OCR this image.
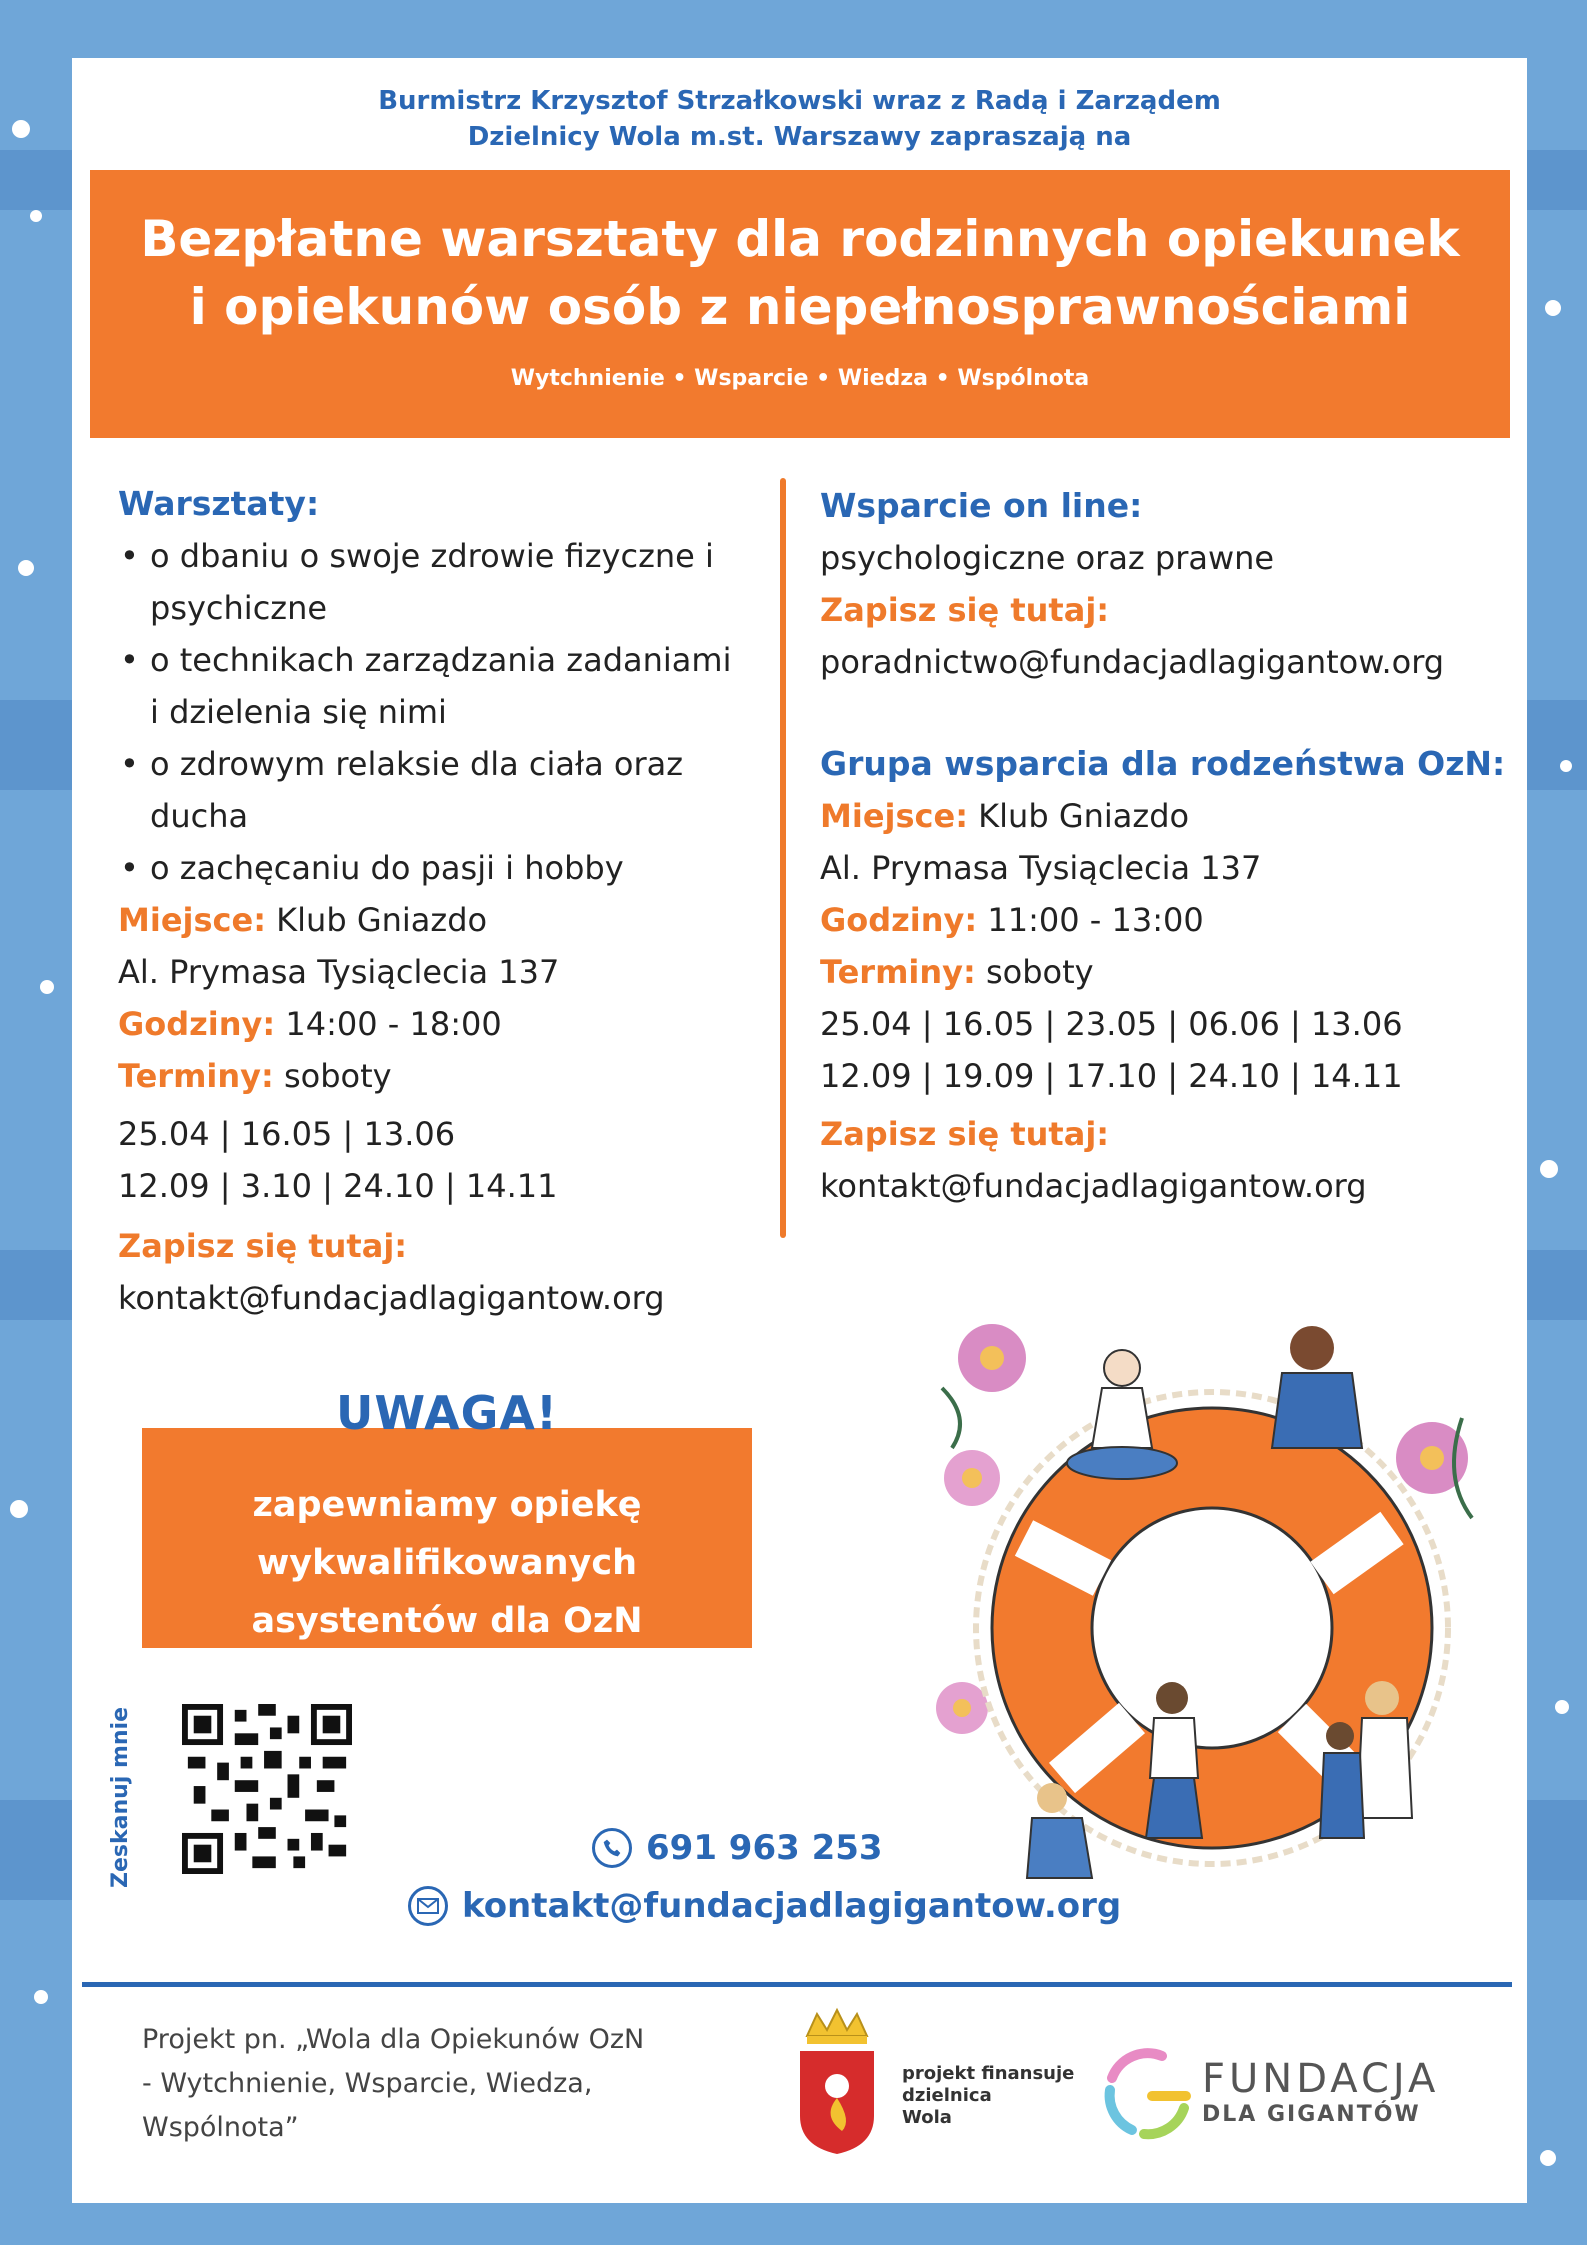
Burmistrz Krzysztof Strzałkowski wraz z Radą i Zarządem
Dzielnicy Wola m.st. Warszawy zapraszają na
Bezpłatne warsztaty dla rodzinnych opiekunek
i opiekunów osób z niepełnosprawnościami
Wytchnienie • Wsparcie • Wiedza • Wspólnota
Warsztaty:
• o dbaniu o swoje zdrowie fizyczne i
psychiczne
• o technikach zarządzania zadaniami
i dzielenia się nimi
• o zdrowym relaksie dla ciała oraz
ducha
• o zachęcaniu do pasji i hobby
Miejsce: Klub Gniazdo
Al. Prymasa Tysiąclecia 137
Godziny: 14:00 - 18:00
Terminy: soboty
25.04 | 16.05 | 13.06
12.09 | 3.10 | 24.10 | 14.11
Zapisz się tutaj:
kontakt@fundacjadlagigantow.org
Wsparcie on line:
psychologiczne oraz prawne
Zapisz się tutaj:
poradnictwo@fundacjadlagigantow.org
Grupa wsparcia dla rodzeństwa OzN:
Miejsce: Klub Gniazdo
Al. Prymasa Tysiąclecia 137
Godziny: 11:00 - 13:00
Terminy: soboty
25.04 | 16.05 | 23.05 | 06.06 | 13.06
12.09 | 19.09 | 17.10 | 24.10 | 14.11
Zapisz się tutaj:
kontakt@fundacjadlagigantow.org
zapewniamy opiekę
wykwalifikowanych
asystentów dla OzN
UWAGA!
Zeskanuj mnie	691 963 253
kontakt@fundacjadlagigantow.org
Projekt pn. „Wola dla Opiekunów OzN
- Wytchnienie, Wsparcie, Wiedza,
Wspólnota”
projekt finansuje
dzielnica
Wola
FUNDACJA
DLA GIGANTÓW
